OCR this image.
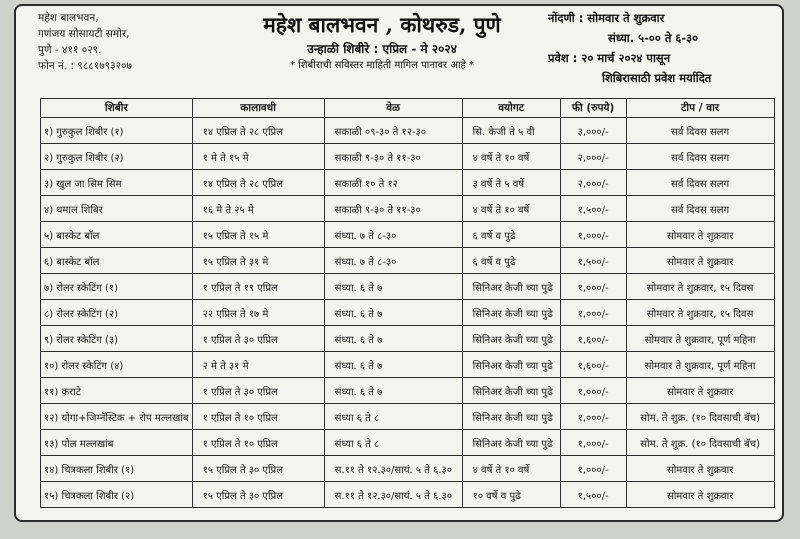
महेश बालभवन,
गणंजय सोसायटी समोर,
पुणे - ४११ ०२९.
फोन नं. : ९८८१७९३२०७
महेश बालभवन , कोथरुड, पुणे
उन्हाळी शिबीरे : एप्रिल - मे २०२४
* शिबीराची सविस्तर माहिती मागिल पानावर आहे *
नोंदणी : सोमवार ते शुक्रवार
संध्या. ५-०० ते ६-३०
प्रवेश : २० मार्च २०२४ पासून
शिबिरासाठी प्रवेश मर्यादित
शिबीर	कालावधी	वेळ	वयोगट	फी (रुपये)	टीप / वार
१) गुरुकुल शिबीर (१)	१४ एप्रिल ते २८ एप्रिल	सकाळी ०९-३० ते १२-३०	सि. केजी ते ५ वी	३,०००/-	सर्व दिवस सलग
२) गुरुकुल शिबीर (२)	१ मे ते १५ मे	सकाळी ९-३० ते ११-३०	४ वर्षे ते १० वर्षे	२,०००/-	सर्व दिवस सलग
३) खुल जा सिम सिम	१४ एप्रिल ते २८ एप्रिल	सकाळी १० ते १२	३ वर्षे ते ५ वर्षे	२,०००/-	सर्व दिवस सलग
४) धमाल शिबिर	१६ मे ते २५ मे	सकाळी ९-३० ते ११-३०	४ वर्षे ते १० वर्षे	१,५००/-	सर्व दिवस सलग
५) बास्केट बॉल	१५ एप्रिल ते १५ मे	संध्या. ७ ते ८-३०	६ वर्षे व पुढे	१,०००/-	सोमवार ते शुक्रवार
६) बास्केट बॉल	१५ एप्रिल ते ३१ मे	संध्या. ७ ते ८-३०	६ वर्षे व पुढे	१,५००/-	सोमवार ते शुक्रवार
७) रोलर स्केटिंग (१)	१ एप्रिल ते १९ एप्रिल	संध्या. ६ ते ७	सिनिअर केजी च्या पुढे	१,०००/-	सोमवार ते शुक्रवार, १५ दिवस
८) रोलर स्केटिंग (२)	२२ एप्रिल ते १७ मे	संध्या. ६ ते ७	सिनिअर केजी च्या पुढे	१,०००/-	सोमवार ते शुक्रवार, १५ दिवस
९) रोलर स्केटिंग (३)	१ एप्रिल ते ३० एप्रिल	संध्या. ६ ते ७	सिनिअर केजी च्या पुढे	१,६००/-	सोमवार ते शुक्रवार, पूर्ण महिना
१०) रोलर स्केटिंग (४)	२ मे ते ३१ मे	संध्या. ६ ते ७	सिनिअर केजी च्या पुढे	१,६००/-	सोमवार ते शुक्रवार, पूर्ण महिना
११) कराटे	१ एप्रिल ते ३० एप्रिल	संध्या. ६ ते ७	सिनिअर केजी च्या पुढे	१,०००/-	सोमवार ते शुक्रवार
१२) योगा+जिम्नॅस्टिक + रोप मल्लखांब	१ एप्रिल ते १० एप्रिल	संध्या ६ ते ८	सिनिअर केजी च्या पुढे	१,०००/-	सोम. ते शुक्र. (१० दिवसाची बॅच)
१३) पोल मल्लखांब	१ एप्रिल ते १० एप्रिल	संध्या ६ ते ८	सिनिअर केजी च्या पुढे	१,०००/-	सोम. ते शुक्र. (१० दिवसाची बॅच)
१४) चित्रकला शिबीर (१)	१५ एप्रिल ते ३० एप्रिल	स.११ ते १२.३०/सायं. ५ ते ६.३०	४ वर्षे ते १० वर्षे	१,०००/-	सोमवार ते शुक्रवार
१५) चित्रकला शिबीर (२)	१५ एप्रिल ते ३० एप्रिल	स.११ ते १२.३०/सायं. ५ ते ६.३०	१० वर्षे व पुढे	१,५००/-	सोमवार ते शुक्रवार
